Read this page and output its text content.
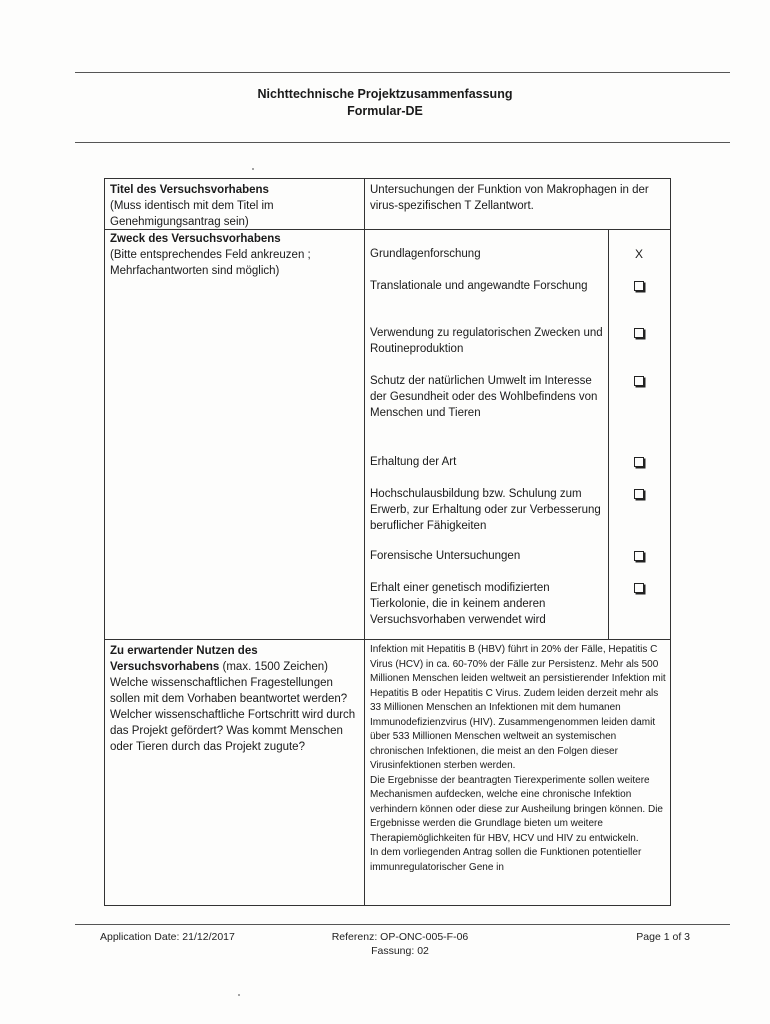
Nichttechnische Projektzusammenfassung
Formular-DE
Titel des Versuchsvorhabens
(Muss identisch mit dem Titel im Genehmigungsantrag sein)
Untersuchungen der Funktion von Makrophagen in der virus-spezifischen T Zellantwort.
Zweck des Versuchsvorhabens
(Bitte entsprechendes Feld ankreuzen ; Mehrfachantworten sind möglich)
Grundlagenforschung	X
Translationale und angewandte Forschung
Verwendung zu regulatorischen Zwecken und Routineproduktion
Schutz der natürlichen Umwelt im Interesse der Gesundheit oder des Wohlbefindens von Menschen und Tieren
Erhaltung der Art
Hochschulausbildung bzw. Schulung zum Erwerb, zur Erhaltung oder zur Verbesserung beruflicher Fähigkeiten
Forensische Untersuchungen
Erhalt einer genetisch modifizierten Tierkolonie, die in keinem anderen Versuchsvorhaben verwendet wird
Zu erwartender Nutzen des Versuchsvorhabens (max. 1500 Zeichen) Welche wissenschaftlichen Fragestellungen sollen mit dem Vorhaben beantwortet werden? Welcher wissenschaftliche Fortschritt wird durch das Projekt gefördert? Was kommt Menschen oder Tieren durch das Projekt zugute?
Infektion mit Hepatitis B (HBV) führt in 20% der Fälle, Hepatitis C Virus (HCV) in ca. 60-70% der Fälle zur Persistenz. Mehr als 500 Millionen Menschen leiden weltweit an persistierender Infektion mit Hepatitis B oder Hepatitis C Virus. Zudem leiden derzeit mehr als 33 Millionen Menschen an Infektionen mit dem humanen Immunodefizienzvirus (HIV). Zusammengenommen leiden damit über 533 Millionen Menschen weltweit an systemischen chronischen Infektionen, die meist an den Folgen dieser Virusinfektionen sterben werden.
Die Ergebnisse der beantragten Tierexperimente sollen weitere Mechanismen aufdecken, welche eine chronische Infektion verhindern können oder diese zur Ausheilung bringen können. Die Ergebnisse werden die Grundlage bieten um weitere Therapiemöglichkeiten für HBV, HCV und HIV zu entwickeln.
In dem vorliegenden Antrag sollen die Funktionen potentieller immunregulatorischer Gene in
Application Date: 21/12/2017	Referenz: OP-ONC-005-F-06
Fassung: 02
Page 1 of 3
